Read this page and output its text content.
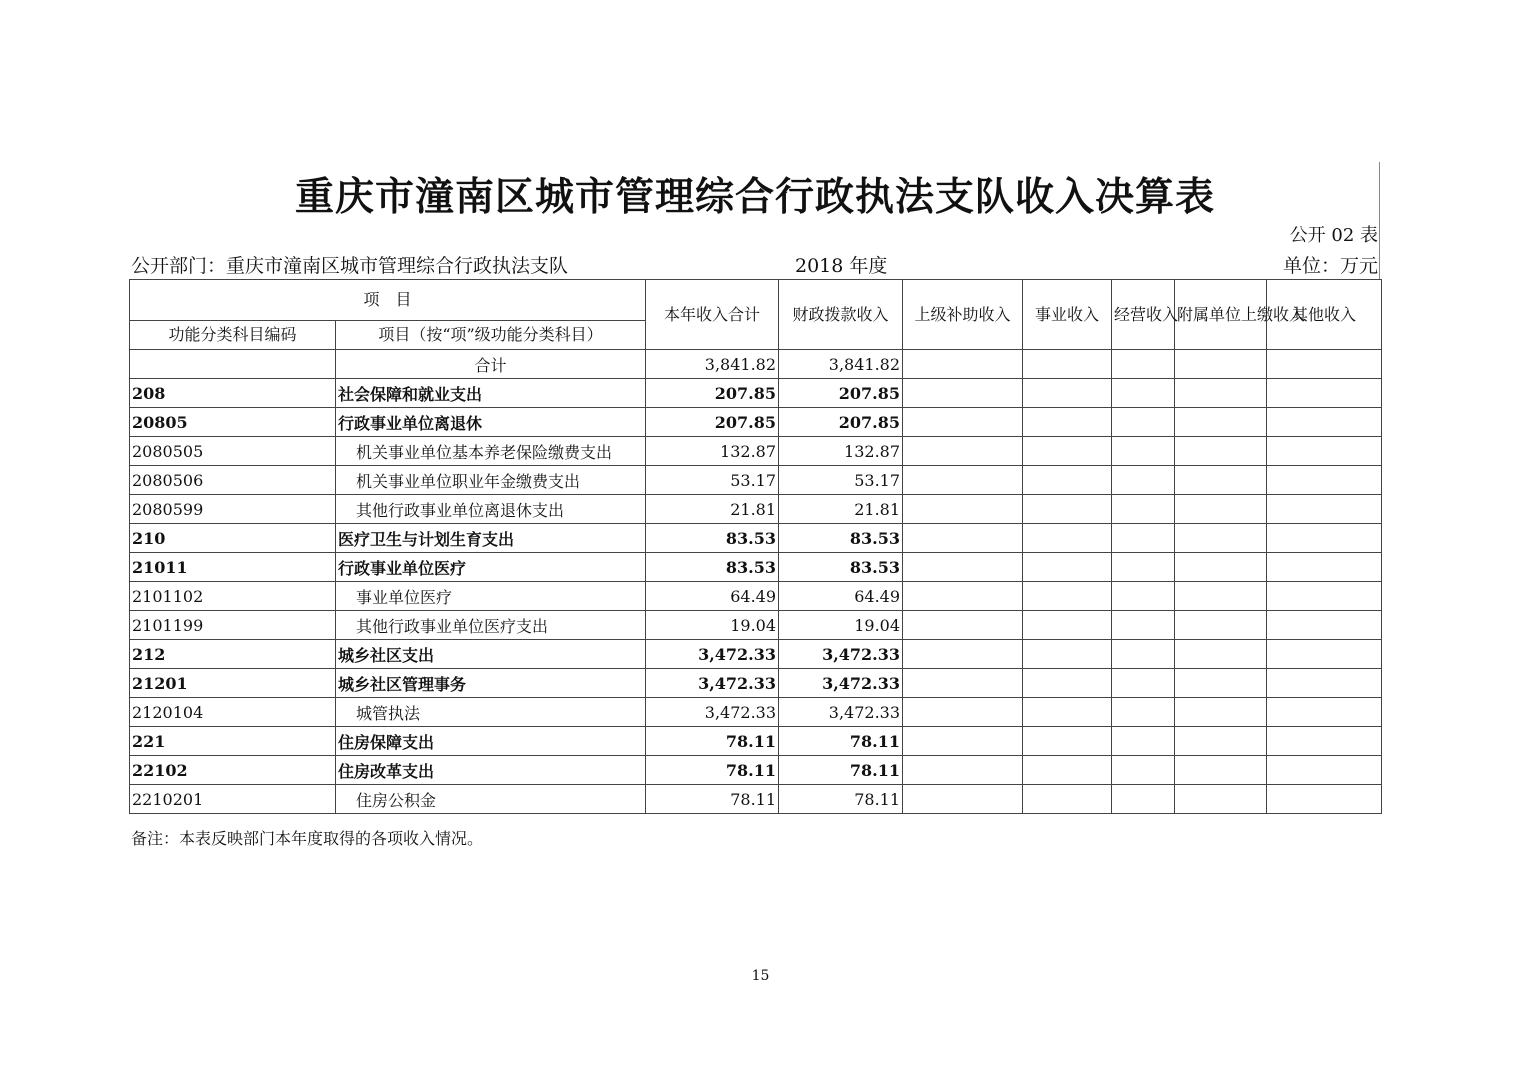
重庆市潼南区城市管理综合行政执法支队收入决算表
公开 02 表
公开部门：重庆市潼南区城市管理综合行政执法支队	2018 年度	单位：万元
项　目		本年收入合计	财政拨款收入	上级补助收入	事业收入	经营收入	附属单位上缴收入	其他收入
功能分类科目编码	项目（按“项”级功能分类科目）							
	合计	3,841.82	3,841.82					
208	社会保障和就业支出	207.85	207.85					
20805	行政事业单位离退休	207.85	207.85					
2080505	机关事业单位基本养老保险缴费支出	132.87	132.87					
2080506	机关事业单位职业年金缴费支出	53.17	53.17					
2080599	其他行政事业单位离退休支出	21.81	21.81					
210	医疗卫生与计划生育支出	83.53	83.53					
21011	行政事业单位医疗	83.53	83.53					
2101102	事业单位医疗	64.49	64.49					
2101199	其他行政事业单位医疗支出	19.04	19.04					
212	城乡社区支出	3,472.33	3,472.33					
21201	城乡社区管理事务	3,472.33	3,472.33					
2120104	城管执法	3,472.33	3,472.33					
221	住房保障支出	78.11	78.11					
22102	住房改革支出	78.11	78.11					
2210201	住房公积金	78.11	78.11					
备注：本表反映部门本年度取得的各项收入情况。
15
